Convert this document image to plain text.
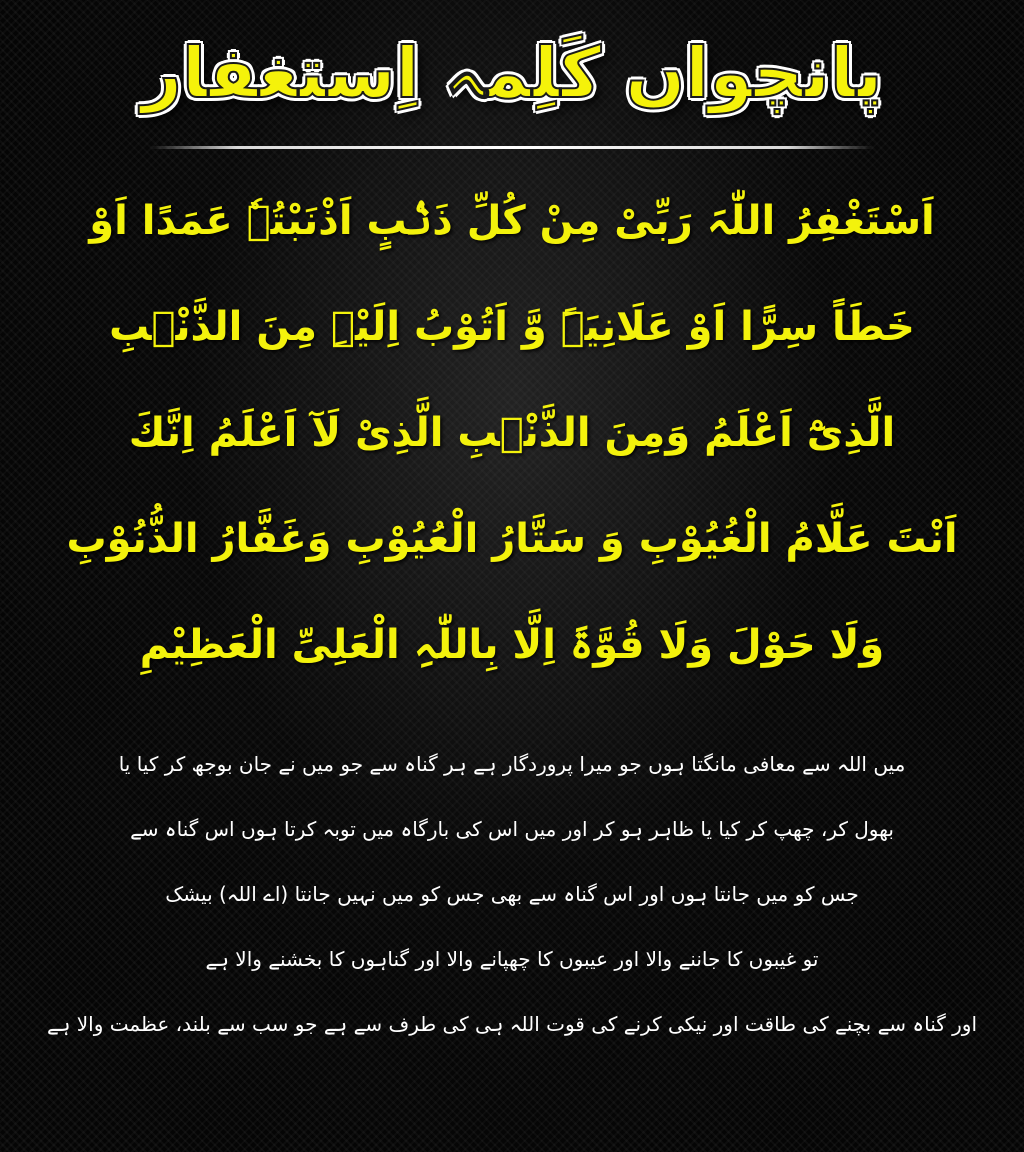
پانچواں کَلِمہ اِستغفار
اَسْتَغْفِرُ اللّٰہَ رَبِّیْ مِنْ کُلِّ ذَنْۢبٍ اَذْنَبْتُہٗ عَمَدًا اَوْ
خَطَاً سِرًّا اَوْ عَلَانِیَۃً وَّ اَتُوْبُ اِلَیْہِ مِنَ الذَّنْۢبِ
الَّذِیْٓ اَعْلَمُ وَمِنَ الذَّنْۢبِ الَّذِیْ لَآ اَعْلَمُ اِنَّكَ
اَنْتَ عَلَّامُ الْغُیُوْبِ وَ سَتَّارُ الْعُیُوْبِ وَغَفَّارُ الذُّنُوْبِ
وَلَا حَوْلَ وَلَا قُوَّۃَ اِلَّا بِاللّٰہِ الْعَلِیِّ الْعَظِیْمِ
میں اللہ سے معافی مانگتا ہوں جو میرا پروردگار ہے ہر گناہ سے جو میں نے جان بوجھ کر کیا یا
بھول کر، چھپ کر کیا یا ظاہر ہو کر اور میں اس کی بارگاہ میں توبہ کرتا ہوں اس گناہ سے
جس کو میں جانتا ہوں اور اس گناہ سے بھی جس کو میں نہیں جانتا (اے اللہ) بیشک
تو غیبوں کا جاننے والا اور عیبوں کا چھپانے والا اور گناہوں کا بخشنے والا ہے
اور گناہ سے بچنے کی طاقت اور نیکی کرنے کی قوت اللہ ہی کی طرف سے ہے جو سب سے بلند، عظمت والا ہے
